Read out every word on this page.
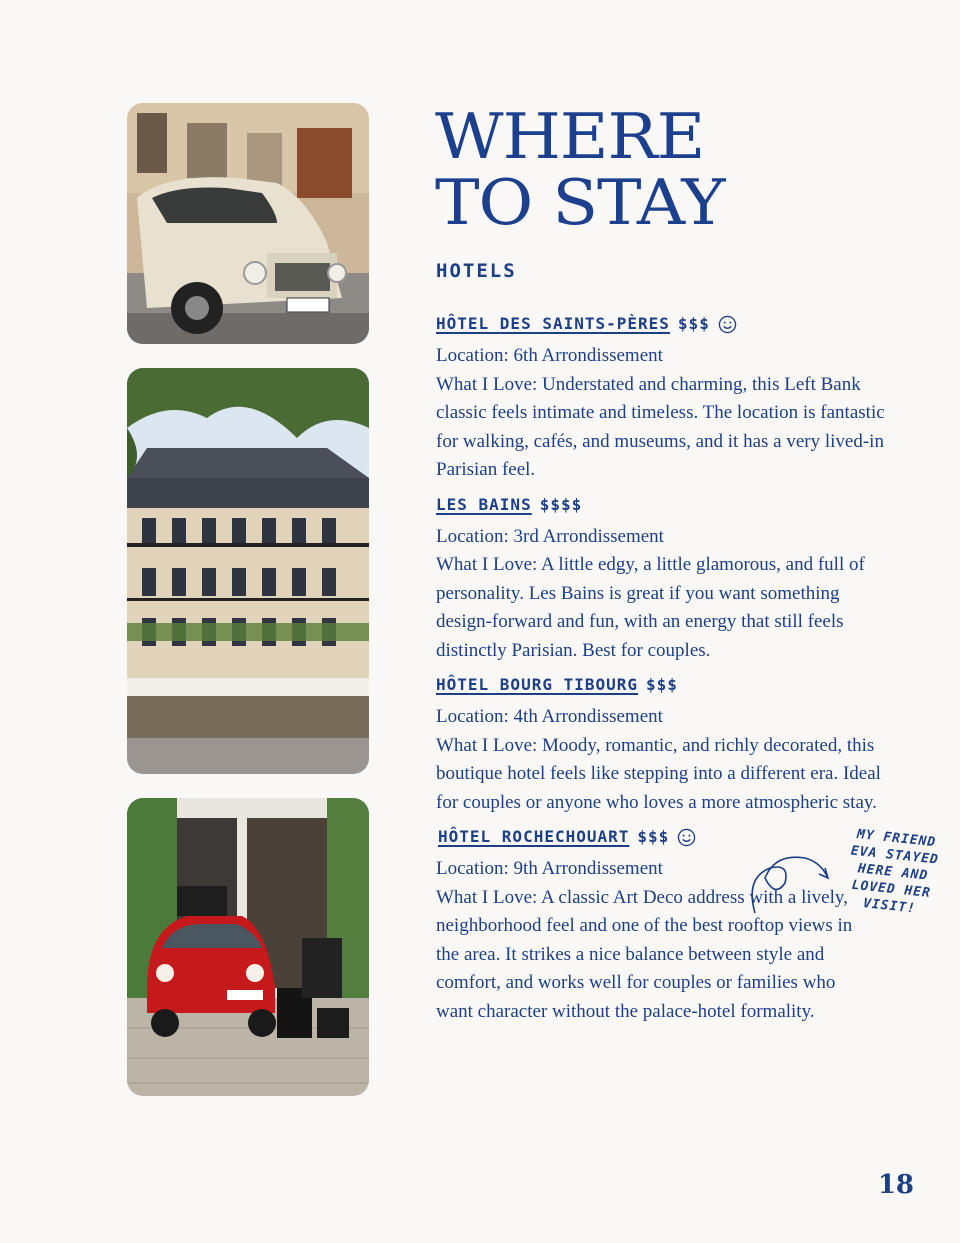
WHERE
TO STAY
HOTELS
HÔTEL DES SAINTS-PÈRES $$$

Location: 6th Arrondissement

What I Love: Understated and charming, this Left Bank classic feels intimate and timeless. The location is fantastic for walking, cafés, and museums, and it has a very lived-in Parisian feel.

LES BAINS $$$$

Location: 3rd Arrondissement

What I Love: A little edgy, a little glamorous, and full of personality. Les Bains is great if you want something design-forward and fun, with an energy that still feels distinctly Parisian. Best for couples.

HÔTEL BOURG TIBOURG $$$

Location: 4th Arrondissement

What I Love: Moody, romantic, and richly decorated, this boutique hotel feels like stepping into a different era. Ideal for couples or anyone who loves a more atmospheric stay.

HÔTEL ROCHECHOUART $$$

Location: 9th Arrondissement

What I Love: A classic Art Deco address with a lively, neighborhood feel and one of the best rooftop views in the area. It strikes a nice balance between style and comfort, and works well for couples or families who want character without the palace-hotel formality.

MY FRIEND EVA STAYED HERE AND LOVED HER VISIT!
18
